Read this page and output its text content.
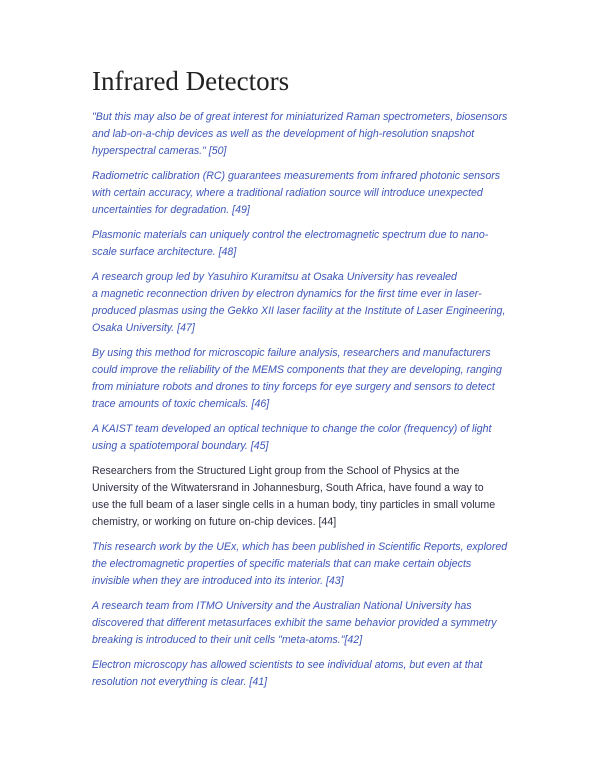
Infrared Detectors

"But this may also be of great interest for miniaturized Raman spectrometers, biosensors
and lab-on-a-chip devices as well as the development of high-resolution snapshot
hyperspectral cameras." [50]

Radiometric calibration (RC) guarantees measurements from infrared photonic sensors
with certain accuracy, where a traditional radiation source will introduce unexpected
uncertainties for degradation. [49]

Plasmonic materials can uniquely control the electromagnetic spectrum due to nano-
scale surface architecture. [48]

A research group led by Yasuhiro Kuramitsu at Osaka University has revealed
a magnetic reconnection driven by electron dynamics for the first time ever in laser-
produced plasmas using the Gekko XII laser facility at the Institute of Laser Engineering,
Osaka University. [47]

By using this method for microscopic failure analysis, researchers and manufacturers
could improve the reliability of the MEMS components that they are developing, ranging
from miniature robots and drones to tiny forceps for eye surgery and sensors to detect
trace amounts of toxic chemicals. [46]

A KAIST team developed an optical technique to change the color (frequency) of light
using a spatiotemporal boundary. [45]

Researchers from the Structured Light group from the School of Physics at the
University of the Witwatersrand in Johannesburg, South Africa, have found a way to
use the full beam of a laser single cells in a human body, tiny particles in small volume
chemistry, or working on future on-chip devices. [44]

This research work by the UEx, which has been published in Scientific Reports, explored
the electromagnetic properties of specific materials that can make certain objects
invisible when they are introduced into its interior. [43]

A research team from ITMO University and the Australian National University has
discovered that different metasurfaces exhibit the same behavior provided a symmetry
breaking is introduced to their unit cells "meta-atoms."[42]

Electron microscopy has allowed scientists to see individual atoms, but even at that
resolution not everything is clear. [41]
